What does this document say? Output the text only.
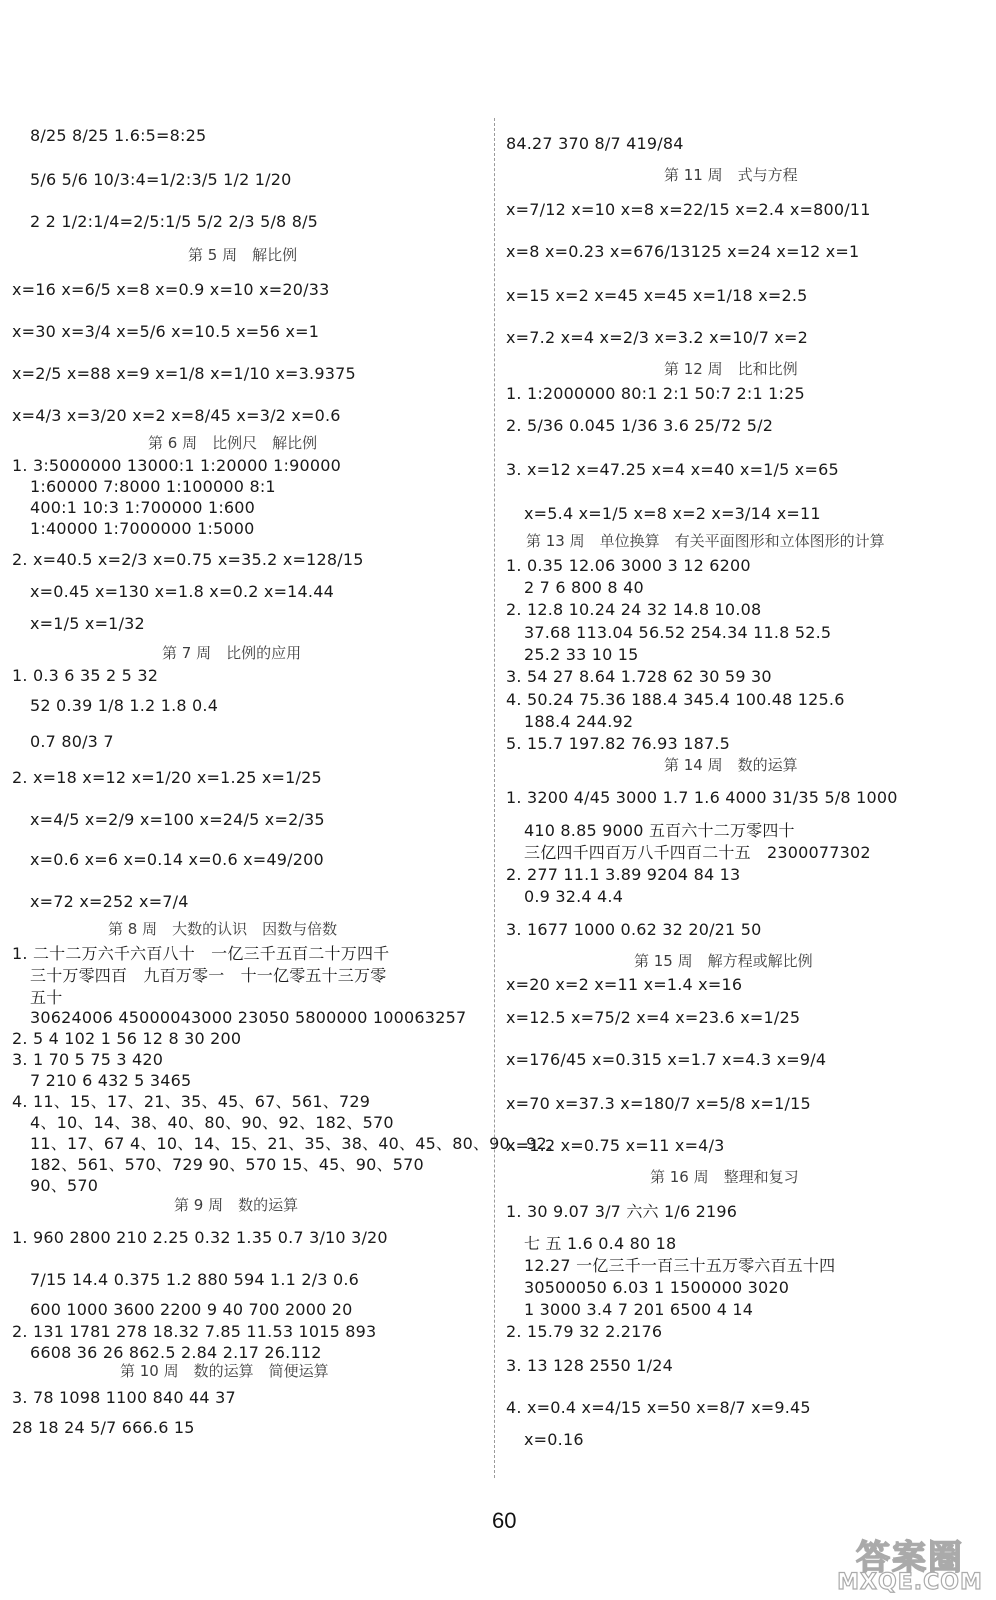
8/25 8/25 1.6:5=8:25
5/6 5/6 10/3:4=1/2:3/5 1/2 1/20
2 2 1/2:1/4=2/5:1/5 5/2 2/3 5/8 8/5
第 5 周　解比例
x=16 x=6/5 x=8 x=0.9 x=10 x=20/33
x=30 x=3/4 x=5/6 x=10.5 x=56 x=1
x=2/5 x=88 x=9 x=1/8 x=1/10 x=3.9375
x=4/3 x=3/20 x=2 x=8/45 x=3/2 x=0.6
第 6 周　比例尺　解比例
1. 3:5000000 13000:1 1:20000 1:90000
1:60000 7:8000 1:100000 8:1
400:1 10:3 1:700000 1:600
1:40000 1:7000000 1:5000
2. x=40.5 x=2/3 x=0.75 x=35.2 x=128/15
x=0.45 x=130 x=1.8 x=0.2 x=14.44
x=1/5 x=1/32
第 7 周　比例的应用
1. 0.3 6 35 2 5 32
52 0.39 1/8 1.2 1.8 0.4
0.7 80/3 7
2. x=18 x=12 x=1/20 x=1.25 x=1/25
x=4/5 x=2/9 x=100 x=24/5 x=2/35
x=0.6 x=6 x=0.14 x=0.6 x=49/200
x=72 x=252 x=7/4
第 8 周　大数的认识　因数与倍数
1. 二十二万六千六百八十　一亿三千五百二十万四千
三十万零四百　九百万零一　十一亿零五十三万零
五十
30624006 45000043000 23050 5800000 100063257
2. 5 4 102 1 56 12 8 30 200
3. 1 70 5 75 3 420
7 210 6 432 5 3465
4. 11、15、17、21、35、45、67、561、729
4、10、14、38、40、80、90、92、182、570
11、17、67 4、10、14、15、21、35、38、40、45、80、90、92、
182、561、570、729 90、570 15、45、90、570
90、570
第 9 周　数的运算
1. 960 2800 210 2.25 0.32 1.35 0.7 3/10 3/20
7/15 14.4 0.375 1.2 880 594 1.1 2/3 0.6
600 1000 3600 2200 9 40 700 2000 20
2. 131 1781 278 18.32 7.85 11.53 1015 893
6608 36 26 862.5 2.84 2.17 26.112
第 10 周　数的运算　简便运算
3. 78 1098 1100 840 44 37
28 18 24 5/7 666.6 15
84.27 370 8/7 419/84
第 11 周　式与方程
x=7/12 x=10 x=8 x=22/15 x=2.4 x=800/11
x=8 x=0.23 x=676/13125 x=24 x=12 x=1
x=15 x=2 x=45 x=45 x=1/18 x=2.5
x=7.2 x=4 x=2/3 x=3.2 x=10/7 x=2
第 12 周　比和比例
1. 1:2000000 80:1 2:1 50:7 2:1 1:25
2. 5/36 0.045 1/36 3.6 25/72 5/2
3. x=12 x=47.25 x=4 x=40 x=1/5 x=65
x=5.4 x=1/5 x=8 x=2 x=3/14 x=11
第 13 周　单位换算　有关平面图形和立体图形的计算
1. 0.35 12.06 3000 3 12 6200
2 7 6 800 8 40
2. 12.8 10.24 24 32 14.8 10.08
37.68 113.04 56.52 254.34 11.8 52.5
25.2 33 10 15
3. 54 27 8.64 1.728 62 30 59 30
4. 50.24 75.36 188.4 345.4 100.48 125.6
188.4 244.92
5. 15.7 197.82 76.93 187.5
第 14 周　数的运算
1. 3200 4/45 3000 1.7 1.6 4000 31/35 5/8 1000
410 8.85 9000 五百六十二万零四十
三亿四千四百万八千四百二十五　2300077302
2. 277 11.1 3.89 9204 84 13
0.9 32.4 4.4
3. 1677 1000 0.62 32 20/21 50
第 15 周　解方程或解比例
x=20 x=2 x=11 x=1.4 x=16
x=12.5 x=75/2 x=4 x=23.6 x=1/25
x=176/45 x=0.315 x=1.7 x=4.3 x=9/4
x=70 x=37.3 x=180/7 x=5/8 x=1/15
x=1.2 x=0.75 x=11 x=4/3
第 16 周　整理和复习
1. 30 9.07 3/7 六六 1/6 2196
七 五 1.6 0.4 80 18
12.27 一亿三千一百三十五万零六百五十四
30500050 6.03 1 1500000 3020
1 3000 3.4 7 201 6500 4 14
2. 15.79 32 2.2176
3. 13 128 2550 1/24
4. x=0.4 x=4/15 x=50 x=8/7 x=9.45
x=0.16
60
答案圈
MXQE.COM
